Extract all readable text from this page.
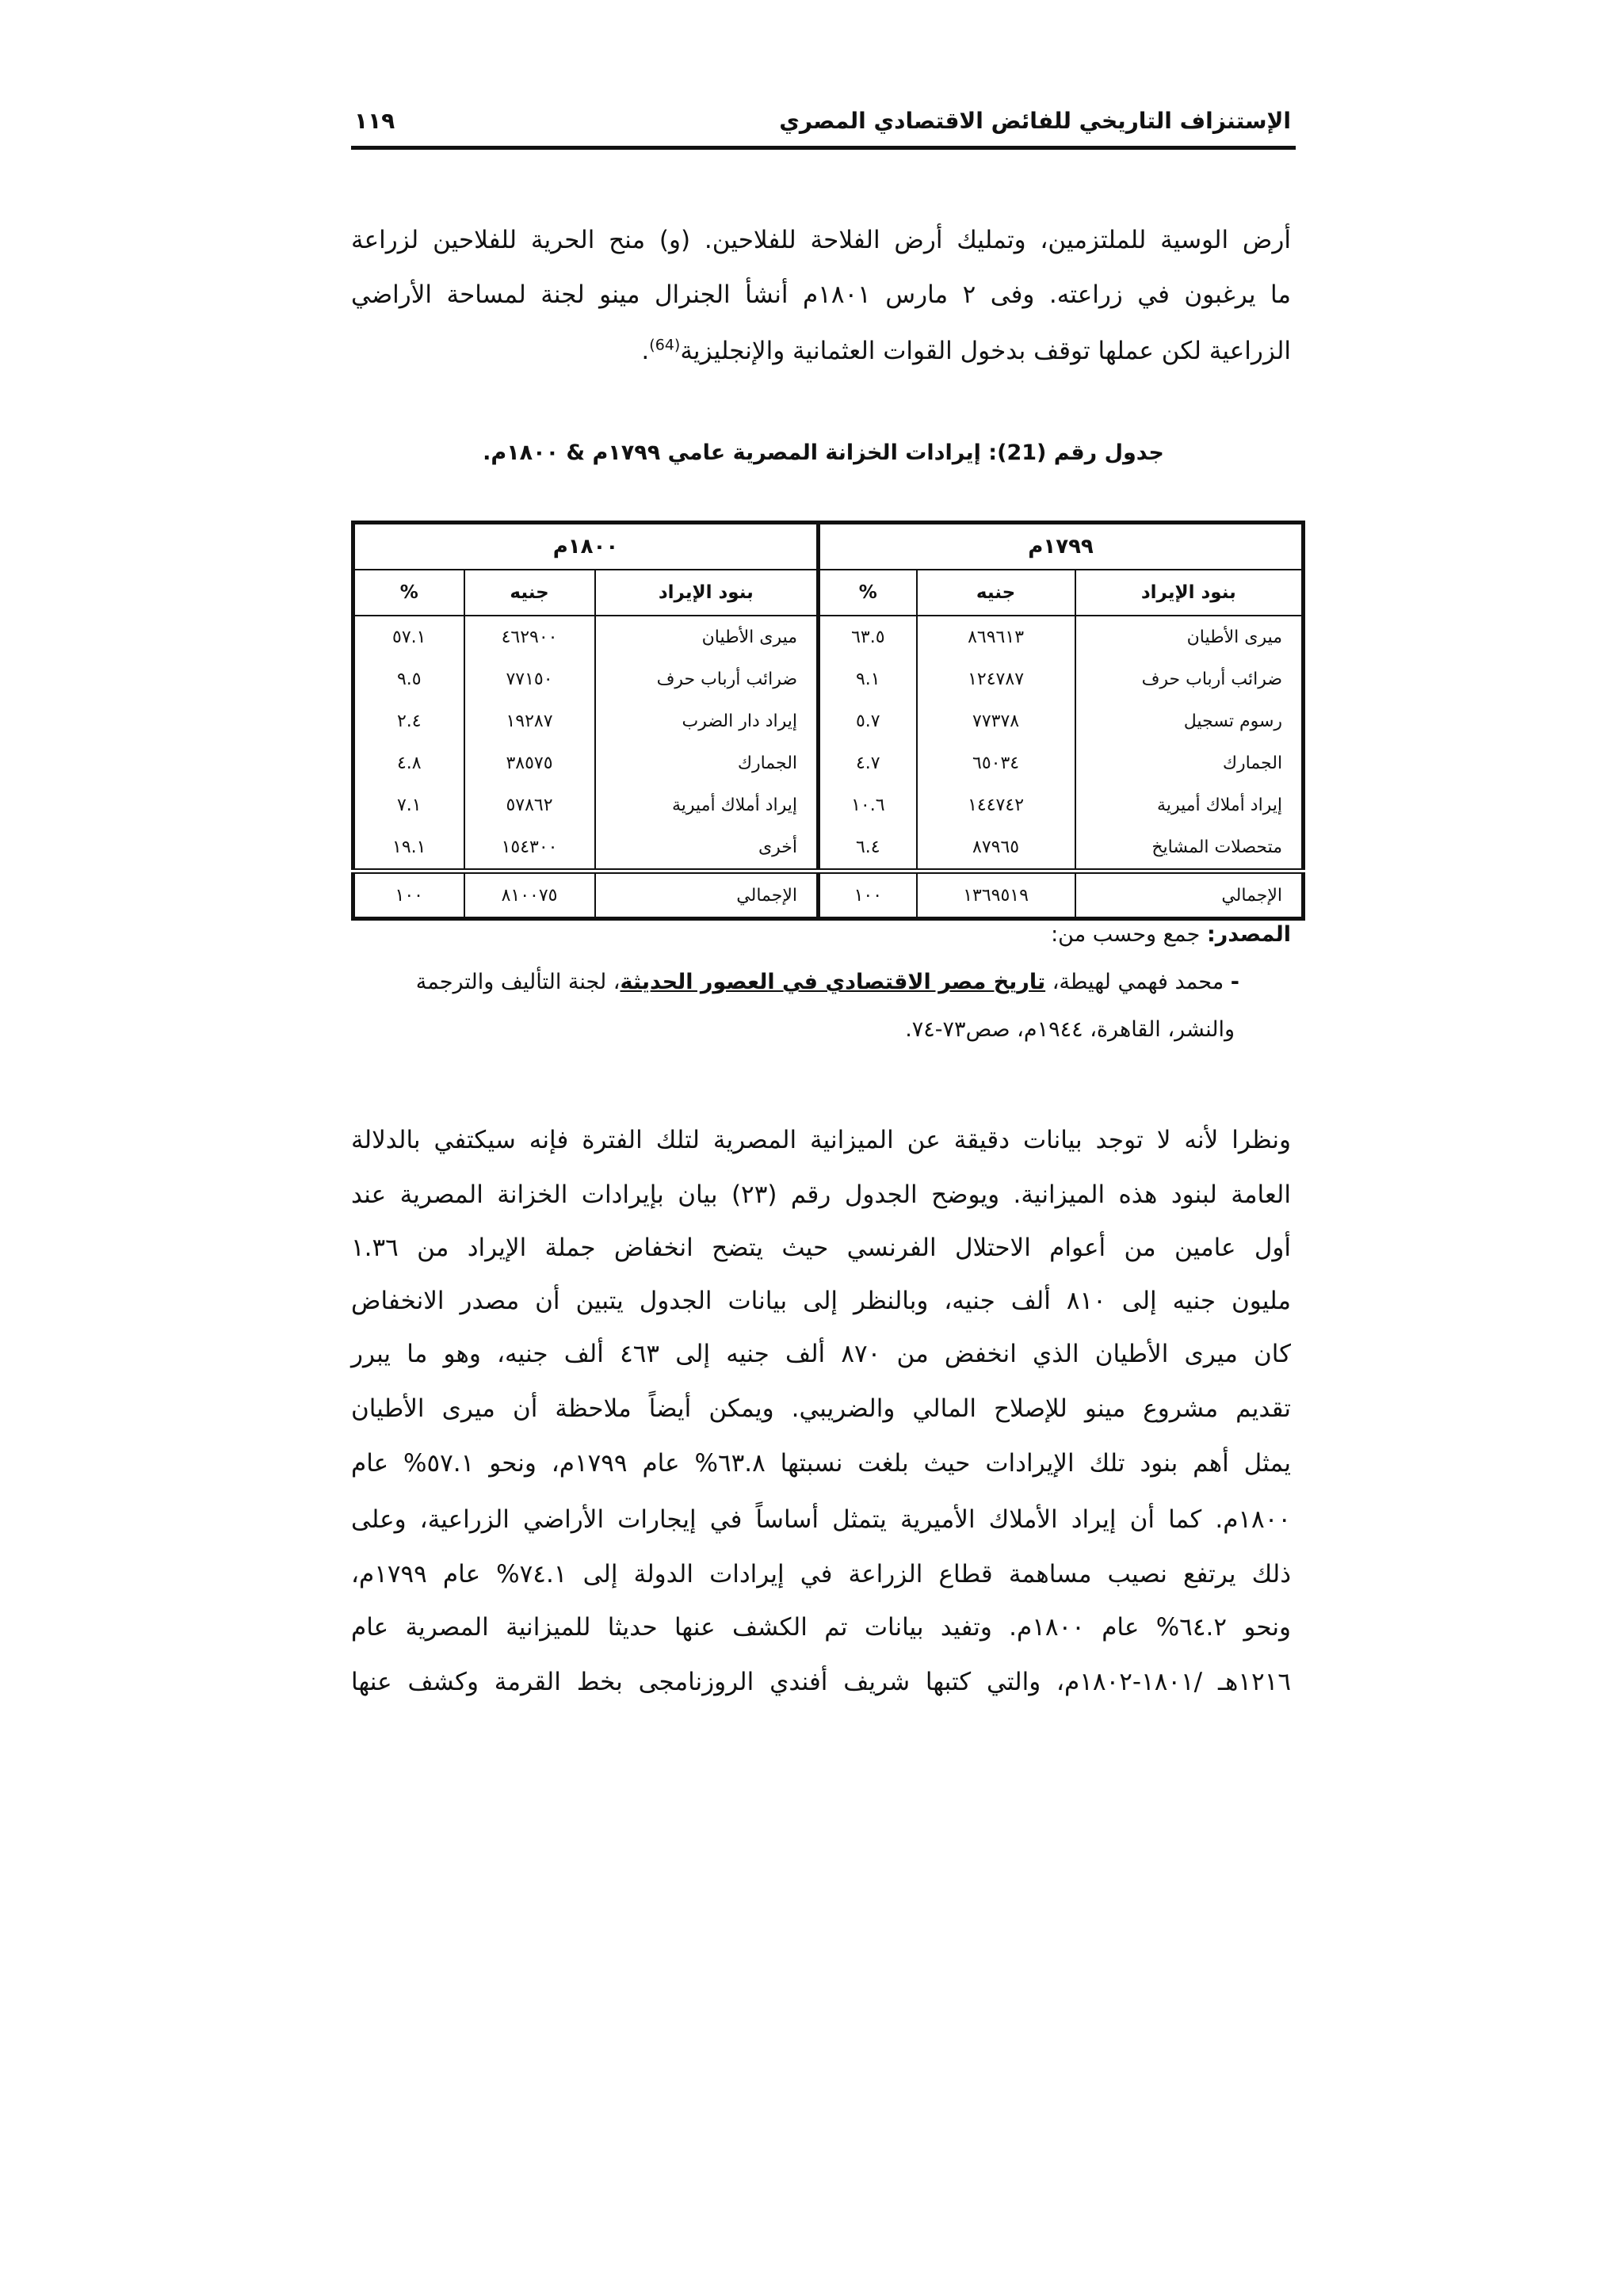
الإستنزاف التاريخي للفائض الاقتصادي المصري
١١٩
أرض الوسية للملتزمين، وتمليك أرض الفلاحة للفلاحين. (و) منح الحرية للفلاحين لزراعة
ما يرغبون في زراعته. وفى ٢ مارس ١٨٠١م أنشأ الجنرال مينو لجنة لمساحة الأراضي
الزراعية لكن عملها توقف بدخول القوات العثمانية والإنجليزية$^{(64)}$.
جدول رقم (21): إيرادات الخزانة المصرية عامي ١٧٩٩م & ١٨٠٠م.
١٧٩٩م			١٨٠٠م		
بنود الإيراد	جنيه	%	بنود الإيراد	جنيه	%
ميرى الأطيان	٨٦٩٦١٣	٦٣.٥	ميرى الأطيان	٤٦٢٩٠٠	٥٧.١
ضرائب أرباب حرف	١٢٤٧٨٧	٩.١	ضرائب أرباب حرف	٧٧١٥٠	٩.٥
رسوم تسجيل	٧٧٣٧٨	٥.٧	إيراد دار الضرب	١٩٢٨٧	٢.٤
الجمارك	٦٥٠٣٤	٤.٧	الجمارك	٣٨٥٧٥	٤.٨
إيراد أملاك أميرية	١٤٤٧٤٢	١٠.٦	إيراد أملاك أميرية	٥٧٨٦٢	٧.١
متحصلات المشايخ	٨٧٩٦٥	٦.٤	أخرى	١٥٤٣٠٠	١٩.١
الإجمالي	١٣٦٩٥١٩	١٠٠	الإجمالي	٨١٠٠٧٥	١٠٠
المصدر: جمع وحسب من:
- محمد فهمي لهيطة، تاريخ مصر الاقتصادي في العصور الحديثة، لجنة التأليف والترجمة
والنشر، القاهرة، ١٩٤٤م، صص٧٣-٧٤.
ونظرا لأنه لا توجد بيانات دقيقة عن الميزانية المصرية لتلك الفترة فإنه سيكتفي بالدلالة
العامة لبنود هذه الميزانية. ويوضح الجدول رقم (٢٣) بيان بإيرادات الخزانة المصرية عند
أول عامين من أعوام الاحتلال الفرنسي حيث يتضح انخفاض جملة الإيراد من ١.٣٦
مليون جنيه إلى ٨١٠ ألف جنيه، وبالنظر إلى بيانات الجدول يتبين أن مصدر الانخفاض
كان ميرى الأطيان الذي انخفض من ٨٧٠ ألف جنيه إلى ٤٦٣ ألف جنيه، وهو ما يبرر
تقديم مشروع مينو للإصلاح المالي والضريبي. ويمكن أيضاً ملاحظة أن ميرى الأطيان
يمثل أهم بنود تلك الإيرادات حيث بلغت نسبتها ٦٣.٨% عام ١٧٩٩م، ونحو ٥٧.١% عام
١٨٠٠م. كما أن إيراد الأملاك الأميرية يتمثل أساساً في إيجارات الأراضي الزراعية، وعلى
ذلك يرتفع نصيب مساهمة قطاع الزراعة في إيرادات الدولة إلى ٧٤.١% عام ١٧٩٩م،
ونحو ٦٤.٢% عام ١٨٠٠م. وتفيد بيانات تم الكشف عنها حديثا للميزانية المصرية عام
١٢١٦هـ /١٨٠١-١٨٠٢م، والتي كتبها شريف أفندي الروزنامجى بخط القرمة وكشف عنها
